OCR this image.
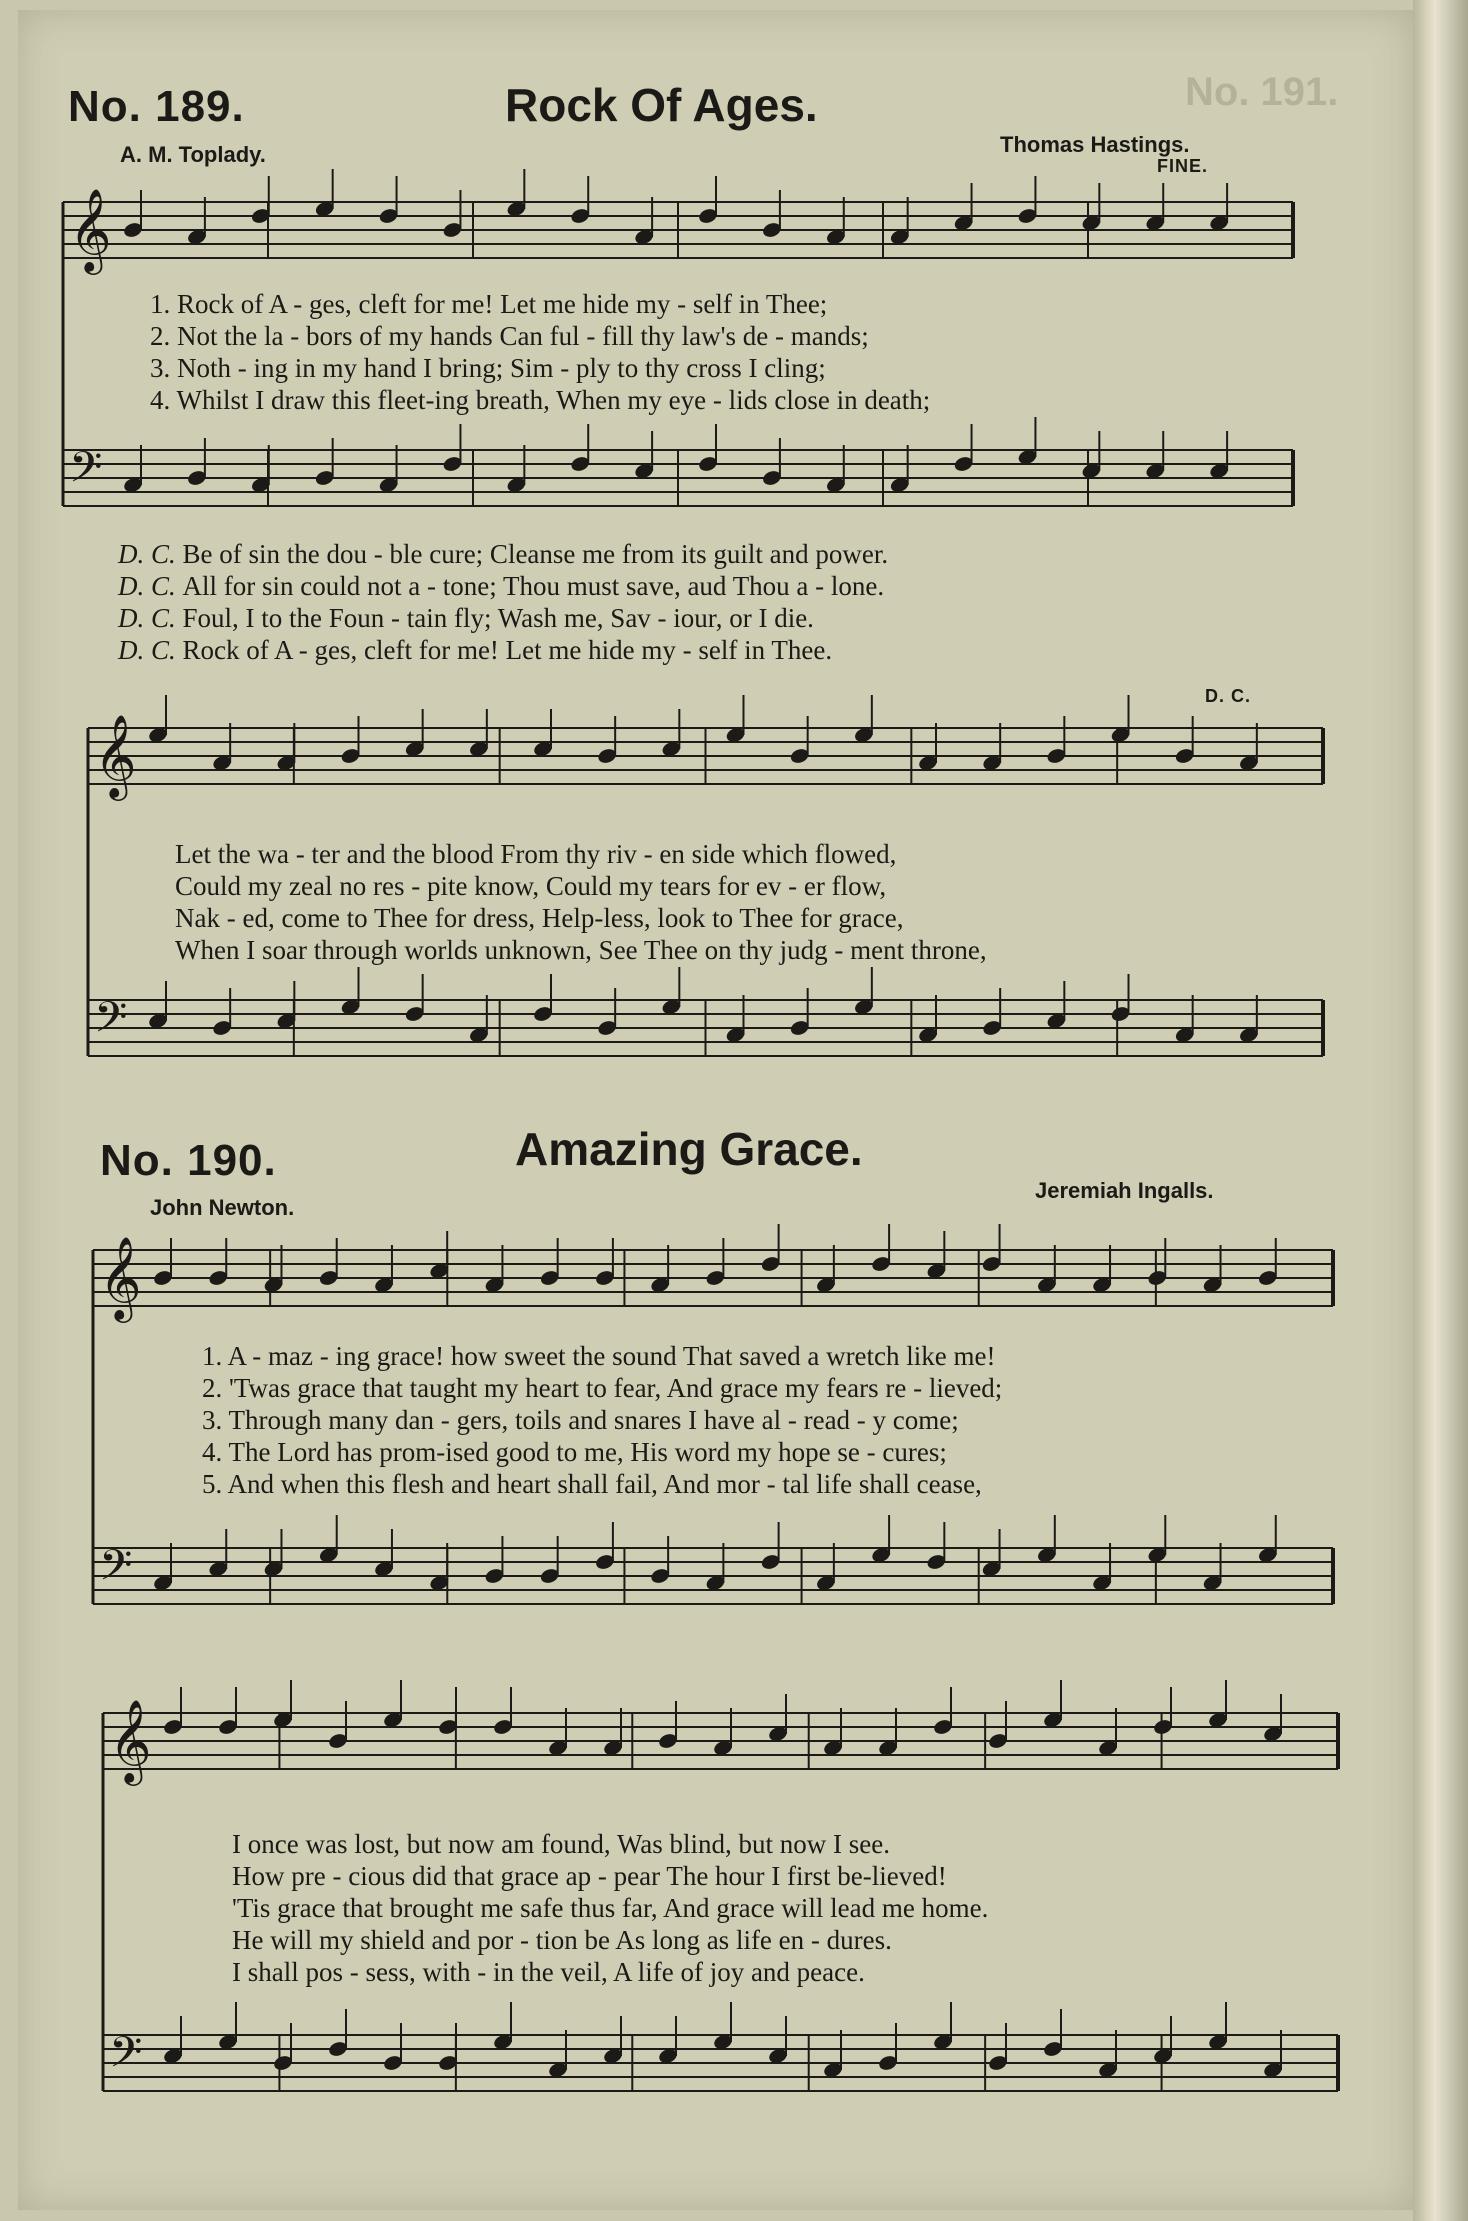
𝄞
𝄢
𝄞
𝄢
𝄞
𝄢
𝄞
𝄢
No. 191.
No. 189.	Rock Of Ages.
A. M. Toplady.	Thomas Hastings.
FINE.
1. Rock of A - ges, cleft for me! Let me hide my - self in Thee;
2. Not the la - bors of my hands Can ful - fill thy law's de - mands;
3. Noth - ing in my hand I bring; Sim - ply to thy cross I cling;
4. Whilst I draw this fleet-ing breath, When my eye - lids close in death;
D. C.
Be of sin the dou - ble cure; Cleanse me from its guilt and power.
D. C.
All for sin could not a - tone; Thou must save, aud Thou a - lone.
D. C.
Foul, I to the Foun - tain fly; Wash me, Sav - iour, or I die.
D. C.
Rock of A - ges, cleft for me! Let me hide my - self in Thee.
D. C.
Let the wa - ter and the blood From thy riv - en side which flowed,
Could my zeal no res - pite know, Could my tears for ev - er flow,
Nak - ed, come to Thee for dress, Help-less, look to Thee for grace,
When I soar through worlds unknown, See Thee on thy judg - ment throne,
No. 190.	Amazing Grace.
John Newton.
Jeremiah Ingalls.
1. A - maz - ing grace! how sweet the sound That saved a wretch like me!
2. 'Twas grace that taught my heart to fear, And grace my fears re - lieved;
3. Through many dan - gers, toils and snares I have al - read - y come;
4. The Lord has prom-ised good to me, His word my hope se - cures;
5. And when this flesh and heart shall fail, And mor - tal life shall cease,
I once was lost, but now am found, Was blind, but now I see.
How pre - cious did that grace ap - pear The hour I first be-lieved!
'Tis grace that brought me safe thus far, And grace will lead me home.
He will my shield and por - tion be As long as life en - dures.
I shall pos - sess, with - in the veil, A life of joy and peace.
